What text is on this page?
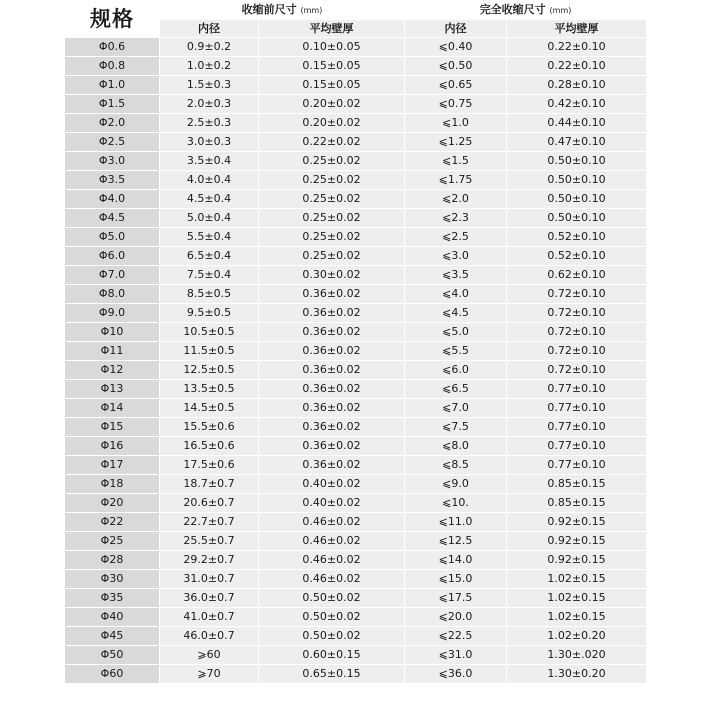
规格	收缩前尺寸 (mm)		完全收缩尺寸 (mm)	
	内径	平均壁厚	内径	平均壁厚
Φ0.6	0.9±0.2	0.10±0.05	⩽0.40	0.22±0.10
Φ0.8	1.0±0.2	0.15±0.05	⩽0.50	0.22±0.10
Φ1.0	1.5±0.3	0.15±0.05	⩽0.65	0.28±0.10
Φ1.5	2.0±0.3	0.20±0.02	⩽0.75	0.42±0.10
Φ2.0	2.5±0.3	0.20±0.02	⩽1.0	0.44±0.10
Φ2.5	3.0±0.3	0.22±0.02	⩽1.25	0.47±0.10
Φ3.0	3.5±0.4	0.25±0.02	⩽1.5	0.50±0.10
Φ3.5	4.0±0.4	0.25±0.02	⩽1.75	0.50±0.10
Φ4.0	4.5±0.4	0.25±0.02	⩽2.0	0.50±0.10
Φ4.5	5.0±0.4	0.25±0.02	⩽2.3	0.50±0.10
Φ5.0	5.5±0.4	0.25±0.02	⩽2.5	0.52±0.10
Φ6.0	6.5±0.4	0.25±0.02	⩽3.0	0.52±0.10
Φ7.0	7.5±0.4	0.30±0.02	⩽3.5	0.62±0.10
Φ8.0	8.5±0.5	0.36±0.02	⩽4.0	0.72±0.10
Φ9.0	9.5±0.5	0.36±0.02	⩽4.5	0.72±0.10
Φ10	10.5±0.5	0.36±0.02	⩽5.0	0.72±0.10
Φ11	11.5±0.5	0.36±0.02	⩽5.5	0.72±0.10
Φ12	12.5±0.5	0.36±0.02	⩽6.0	0.72±0.10
Φ13	13.5±0.5	0.36±0.02	⩽6.5	0.77±0.10
Φ14	14.5±0.5	0.36±0.02	⩽7.0	0.77±0.10
Φ15	15.5±0.6	0.36±0.02	⩽7.5	0.77±0.10
Φ16	16.5±0.6	0.36±0.02	⩽8.0	0.77±0.10
Φ17	17.5±0.6	0.36±0.02	⩽8.5	0.77±0.10
Φ18	18.7±0.7	0.40±0.02	⩽9.0	0.85±0.15
Φ20	20.6±0.7	0.40±0.02	⩽10.	0.85±0.15
Φ22	22.7±0.7	0.46±0.02	⩽11.0	0.92±0.15
Φ25	25.5±0.7	0.46±0.02	⩽12.5	0.92±0.15
Φ28	29.2±0.7	0.46±0.02	⩽14.0	0.92±0.15
Φ30	31.0±0.7	0.46±0.02	⩽15.0	1.02±0.15
Φ35	36.0±0.7	0.50±0.02	⩽17.5	1.02±0.15
Φ40	41.0±0.7	0.50±0.02	⩽20.0	1.02±0.15
Φ45	46.0±0.7	0.50±0.02	⩽22.5	1.02±0.20
Φ50	⩾60	0.60±0.15	⩽31.0	1.30±.020
Φ60	⩾70	0.65±0.15	⩽36.0	1.30±0.20
